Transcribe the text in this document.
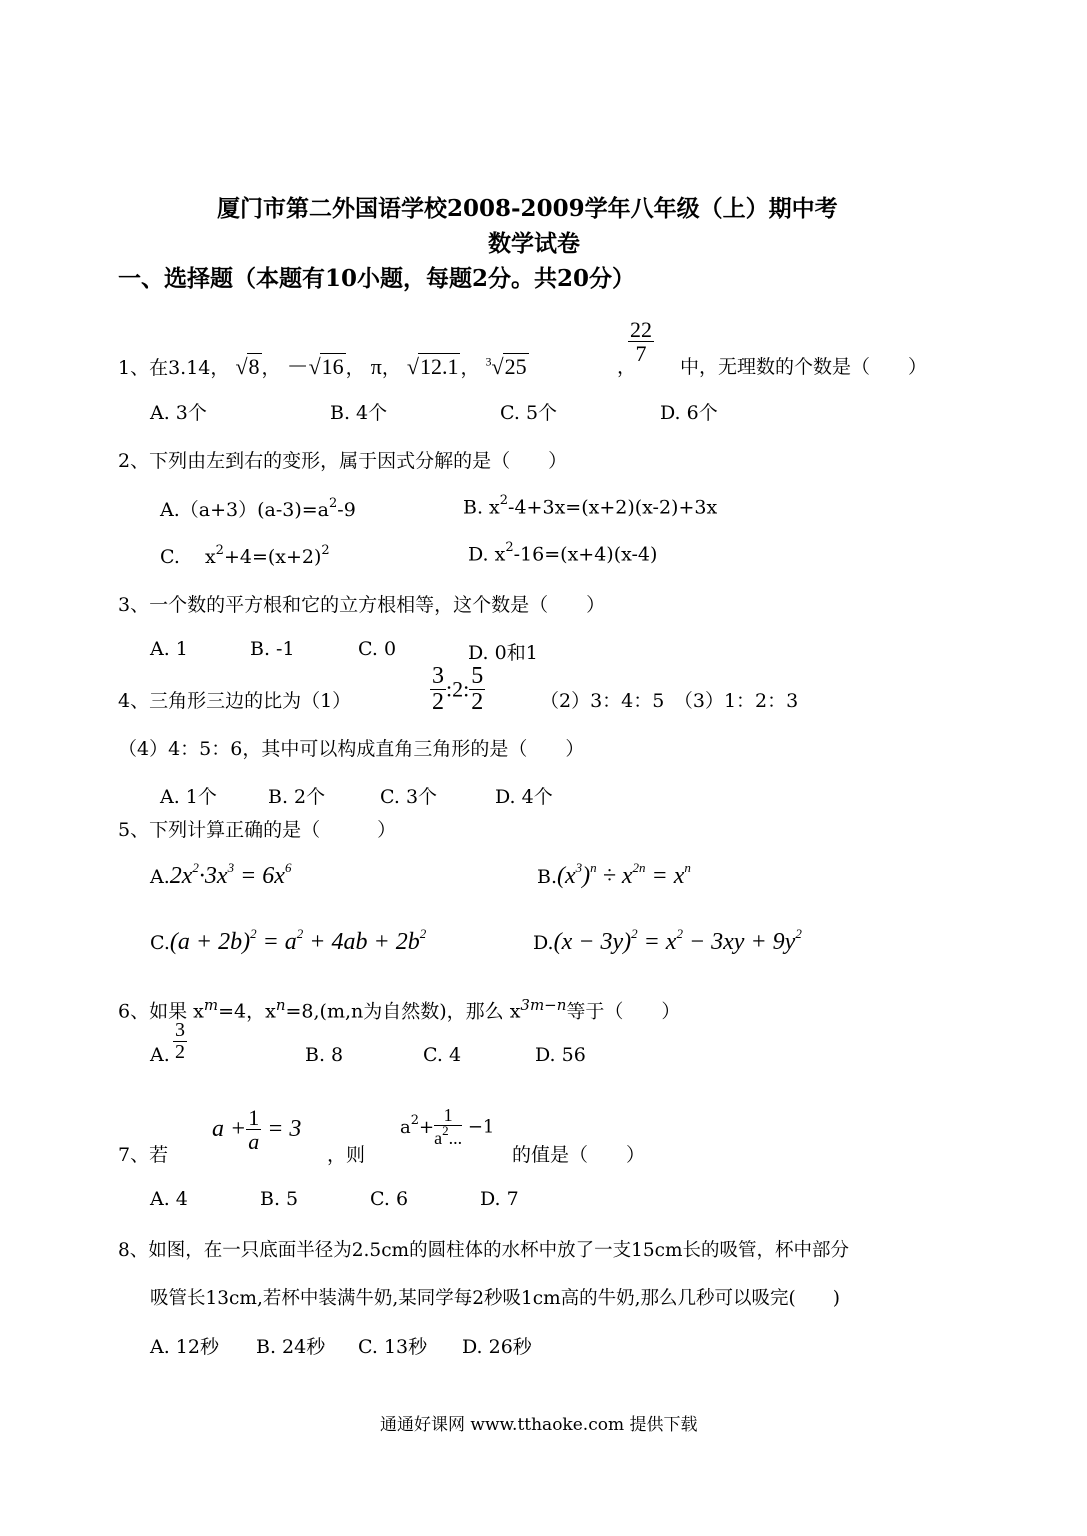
厦门市第二外国语学校2008-2009学年八年级（上）期中考
数学试卷
一、选择题（本题有10小题，每题2分。共20分）
1、在3.14， √8 ， －√16 ， π， √12.1 ， $^3$√25
$\frac{22}{7}$
， 中，无理数的个数是（　　）
A. 3个	B. 4个	C. 5个	D. 6个
2、下列由左到右的变形，属于因式分解的是（　　）
$A.(a+3)(a-3)=a^2-9$	B. $x^2-4+3x=(x+2)(x-2)+3x$
C.　 $x^2+4=(x+2)^2$	D. $x^2-16=(x+4)(x-4)$
3、一个数的平方根和它的立方根相等，这个数是（　　）
A. 1	B. -1	C. 0	D. 0和1
4、三角形三边的比为（1）	$\frac{3}{2}$ :2: $\frac{5}{2}$	（2）3：4：5　（3）1：2：3
（4）4：5：6，其中可以构成直角三角形的是（　　）
A. 1个	B. 2个	C. 3个	D. 4个
5、下列计算正确的是（　　　）
$A.2x^2\cdot 3x^3 = 6x^6$	$B.(x^3)^n \div x^{2n} = x^n$
$C.(a + 2b)^2 = a^2 + 4ab + 2b^2$	$D.(x - 3y)^2 = x^2 - 3xy + 9y^2$
6、如果 $x^m=4$，$x^n=8,(m,n$为自然数)，那么 $x^{3m-n}$等于（　　）
A. $\frac{3}{2}$	B. 8	C. 4	D. 56
7、若
$a + \frac{1}{a} = 3$
，则
$a^2+ \frac{1}{a^2...} -1$
的值是（　　）
A. 4	B. 5	C. 6	D. 7
8、如图，在一只底面半径为2.5cm的圆柱体的水杯中放了一支15cm长的吸管，杯中部分
吸管长13cm,若杯中装满牛奶,某同学每2秒吸1cm高的牛奶,那么几秒可以吸完(　　)
A. 12秒 B. 24秒 C. 13秒 D. 26秒
通通好课网 www.tthaoke.com 提供下载
